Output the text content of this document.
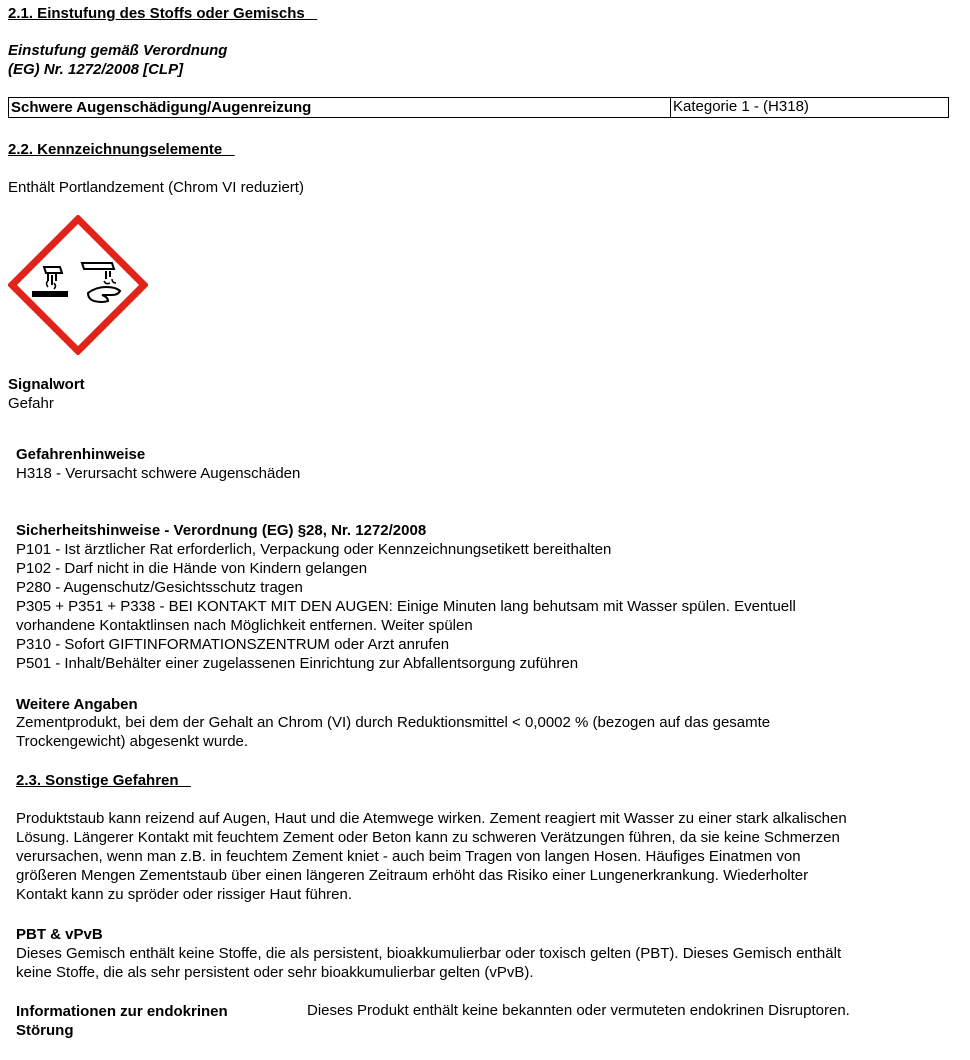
2.1. Einstufung des Stoffs oder Gemischs
Einstufung gemäß Verordnung
(EG) Nr. 1272/2008 [CLP]
Schwere Augenschädigung/Augenreizung	Kategorie 1 - (H318)
2.2. Kennzeichnungselemente
Enthält Portlandzement (Chrom VI reduziert)
Signalwort
Gefahr
Gefahrenhinweise
H318 - Verursacht schwere Augenschäden
Sicherheitshinweise - Verordnung (EG) §28, Nr. 1272/2008
P101 - Ist ärztlicher Rat erforderlich, Verpackung oder Kennzeichnungsetikett bereithalten
P102 - Darf nicht in die Hände von Kindern gelangen
P280 - Augenschutz/Gesichtsschutz tragen
P305 + P351 + P338 - BEI KONTAKT MIT DEN AUGEN: Einige Minuten lang behutsam mit Wasser spülen. Eventuell
vorhandene Kontaktlinsen nach Möglichkeit entfernen. Weiter spülen
P310 - Sofort GIFTINFORMATIONSZENTRUM oder Arzt anrufen
P501 - Inhalt/Behälter einer zugelassenen Einrichtung zur Abfallentsorgung zuführen
Weitere Angaben
Zementprodukt, bei dem der Gehalt an Chrom (VI) durch Reduktionsmittel < 0,0002 % (bezogen auf das gesamte
Trockengewicht) abgesenkt wurde.
2.3. Sonstige Gefahren
Produktstaub kann reizend auf Augen, Haut und die Atemwege wirken. Zement reagiert mit Wasser zu einer stark alkalischen
Lösung. Längerer Kontakt mit feuchtem Zement oder Beton kann zu schweren Verätzungen führen, da sie keine Schmerzen
verursachen, wenn man z.B. in feuchtem Zement kniet - auch beim Tragen von langen Hosen. Häufiges Einatmen von
größeren Mengen Zementstaub über einen längeren Zeitraum erhöht das Risiko einer Lungenerkrankung. Wiederholter
Kontakt kann zu spröder oder rissiger Haut führen.
PBT & vPvB
Dieses Gemisch enthält keine Stoffe, die als persistent, bioakkumulierbar oder toxisch gelten (PBT). Dieses Gemisch enthält
keine Stoffe, die als sehr persistent oder sehr bioakkumulierbar gelten (vPvB).
Informationen zur endokrinen
Störung
Dieses Produkt enthält keine bekannten oder vermuteten endokrinen Disruptoren.
